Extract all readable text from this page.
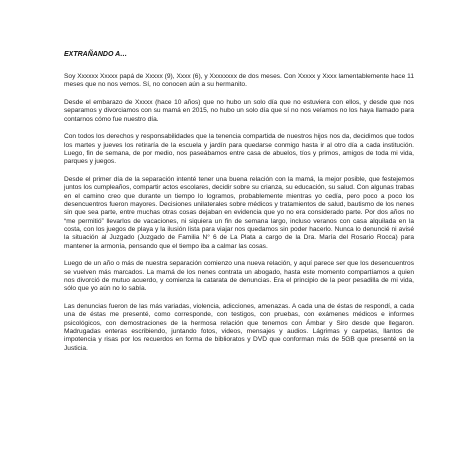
EXTRAÑANDO A…

Soy Xxxxxx Xxxxx papá de Xxxxx (9), Xxxx (6), y Xxxxxxxx de dos meses. Con Xxxxx y Xxxx lamentablemente hace 11 meses que no nos vemos. Sí, no conocen aún a su hermanito.

Desde el embarazo de Xxxxx (hace 10 años) que no hubo un solo día que no estuviera con ellos, y desde que nos separamos y divorciamos con su mamá en 2015, no hubo un solo día que sí no nos veíamos no los haya llamado para contarnos cómo fue nuestro día.

Con todos los derechos y responsabilidades que la tenencia compartida de nuestros hijos nos da, decidimos que todos los martes y jueves los retiraría de la escuela y jardín para quedarse conmigo hasta ir al otro día a cada institución. Luego, fin de semana, de por medio, nos paseábamos entre casa de abuelos, tíos y primos, amigos de toda mi vida, parques y juegos.

Desde el primer día de la separación intenté tener una buena relación con la mamá, la mejor posible, que festejemos juntos los cumpleaños, compartir actos escolares, decidir sobre su crianza, su educación, su salud. Con algunas trabas en el camino creo que durante un tiempo lo logramos, probablemente mientras yo cedía, pero poco a poco los desencuentros fueron mayores. Decisiones unilaterales sobre médicos y tratamientos de salud, bautismo de los nenes sin que sea parte, entre muchas otras cosas dejaban en evidencia que yo no era considerado parte. Por dos años no “me permitió” llevarlos de vacaciones, ni siquiera un fin de semana largo, incluso veranos con casa alquilada en la costa, con los juegos de playa y la ilusión lista para viajar nos quedamos sin poder hacerlo. Nunca lo denuncié ni avisé la situación al Juzgado (Juzgado de Familia N° 6 de La Plata a cargo de la Dra. María del Rosario Rocca) para mantener la armonía, pensando que el tiempo iba a calmar las cosas.

Luego de un año o más de nuestra separación comienzo una nueva relación, y aquí parece ser que los desencuentros se vuelven más marcados. La mamá de los nenes contrata un abogado, hasta este momento compartíamos a quien nos divorció de mutuo acuerdo, y comienza la catarata de denuncias. Era el principio de la peor pesadilla de mi vida, sólo que yo aún no lo sabía.

Las denuncias fueron de las más variadas, violencia, adicciones, amenazas. A cada una de éstas de respondí, a cada una de éstas me presenté, como corresponde, con testigos, con pruebas, con exámenes médicos e informes psicológicos, con demostraciones de la hermosa relación que tenemos con Ámbar y Siro desde que llegaron. Madrugadas enteras escribiendo, juntando fotos, videos, mensajes y audios. Lágrimas y carpetas, llantos de impotencia y risas por los recuerdos en forma de biblioratos y DVD que conforman más de 5GB que presenté en la Justicia.
